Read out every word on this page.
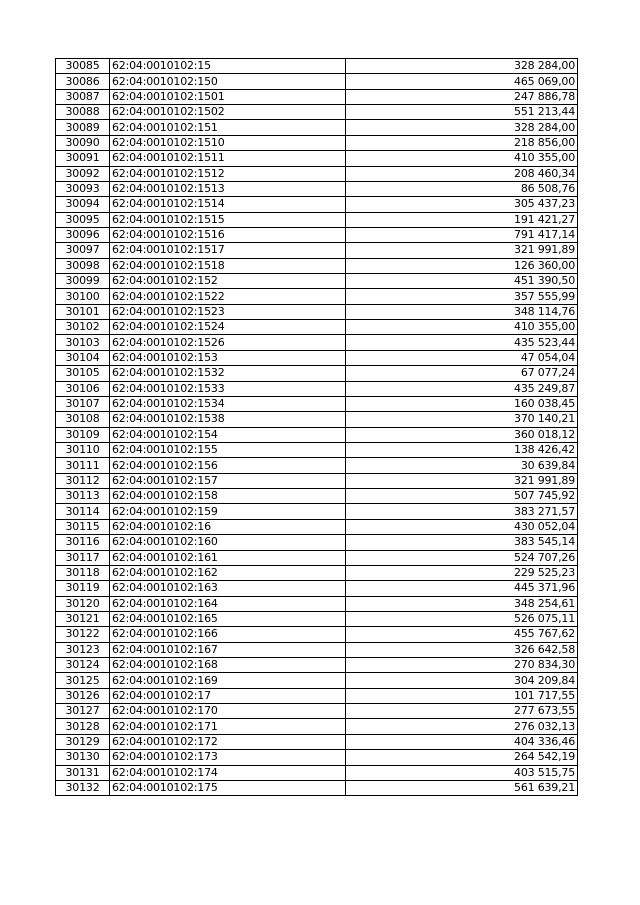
30085	62:04:0010102:15	328 284,00
30086	62:04:0010102:150	465 069,00
30087	62:04:0010102:1501	247 886,78
30088	62:04:0010102:1502	551 213,44
30089	62:04:0010102:151	328 284,00
30090	62:04:0010102:1510	218 856,00
30091	62:04:0010102:1511	410 355,00
30092	62:04:0010102:1512	208 460,34
30093	62:04:0010102:1513	86 508,76
30094	62:04:0010102:1514	305 437,23
30095	62:04:0010102:1515	191 421,27
30096	62:04:0010102:1516	791 417,14
30097	62:04:0010102:1517	321 991,89
30098	62:04:0010102:1518	126 360,00
30099	62:04:0010102:152	451 390,50
30100	62:04:0010102:1522	357 555,99
30101	62:04:0010102:1523	348 114,76
30102	62:04:0010102:1524	410 355,00
30103	62:04:0010102:1526	435 523,44
30104	62:04:0010102:153	47 054,04
30105	62:04:0010102:1532	67 077,24
30106	62:04:0010102:1533	435 249,87
30107	62:04:0010102:1534	160 038,45
30108	62:04:0010102:1538	370 140,21
30109	62:04:0010102:154	360 018,12
30110	62:04:0010102:155	138 426,42
30111	62:04:0010102:156	30 639,84
30112	62:04:0010102:157	321 991,89
30113	62:04:0010102:158	507 745,92
30114	62:04:0010102:159	383 271,57
30115	62:04:0010102:16	430 052,04
30116	62:04:0010102:160	383 545,14
30117	62:04:0010102:161	524 707,26
30118	62:04:0010102:162	229 525,23
30119	62:04:0010102:163	445 371,96
30120	62:04:0010102:164	348 254,61
30121	62:04:0010102:165	526 075,11
30122	62:04:0010102:166	455 767,62
30123	62:04:0010102:167	326 642,58
30124	62:04:0010102:168	270 834,30
30125	62:04:0010102:169	304 209,84
30126	62:04:0010102:17	101 717,55
30127	62:04:0010102:170	277 673,55
30128	62:04:0010102:171	276 032,13
30129	62:04:0010102:172	404 336,46
30130	62:04:0010102:173	264 542,19
30131	62:04:0010102:174	403 515,75
30132	62:04:0010102:175	561 639,21
